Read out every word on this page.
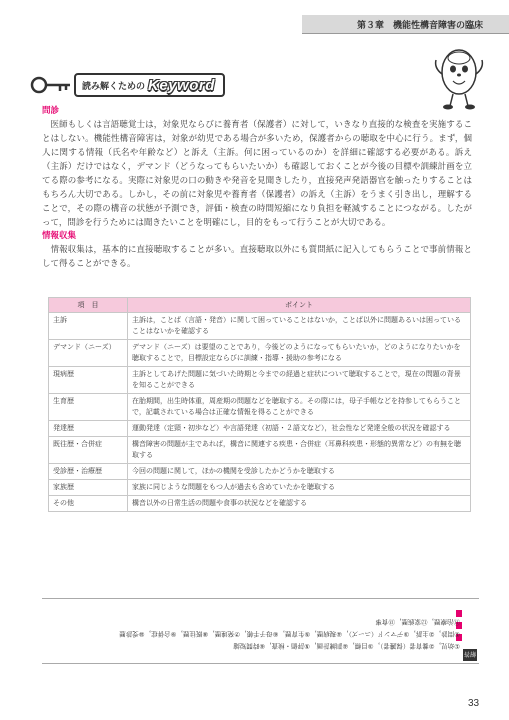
第３章　機能性構音障害の臨床
読み解くための Keyword
問診

医師もしくは言語聴覚士は，対象児ならびに養育者（保護者）に対して，いきなり直接的な検査を実施することはしない。機能性構音障害は，対象が幼児である場合が多いため，保護者からの聴取を中心に行う。まず，個人に関する情報（氏名や年齢など）と訴え（主訴。何に困っているのか）を詳細に確認する必要がある。訴え（主訴）だけではなく，デマンド（どうなってもらいたいか）も確認しておくことが今後の目標や訓練計画を立てる際の参考になる。実際に対象児の口の動きや発音を見聞きしたり，直接発声発語器官を触ったりすることはもちろん大切である。しかし，その前に対象児や養育者（保護者）の訴え（主訴）をうまく引き出し，理解することで，その際の構音の状態が予測でき，評価・検査の時間短縮になり負担を軽減することにつながる。したがって，問診を行うためには聞きたいことを明確にし，目的をもって行うことが大切である。

情報収集

情報収集は，基本的に直接聴取することが多い。直接聴取以外にも質問紙に記入してもらうことで事前情報として得ることができる。

項　目	ポイント
主訴	主訴は，ことば（言語・発音）に関して困っていることはないか，ことば以外に問題あるいは困っていることはないかを確認する
デマンド（ニーズ）	デマンド（ニーズ）は要望のことであり，今後どのようになってもらいたいか，どのようになりたいかを聴取することで，目標設定ならびに訓練・指導・援助の参考になる
現病歴	主訴としてあげた問題に気づいた時期と今までの経過と症状について聴取することで，現在の問題の背景を知ることができる
生育歴	在胎期間，出生時体重，周産期の問題などを聴取する。その際には，母子手帳などを持参してもらうことで，記載されている場合は正確な情報を得ることができる
発達歴	運動発達（定頸・初歩など）や言語発達（初語・２語文など），社会性など発達全般の状況を確認する
既往歴・合併症	構音障害の問題が主であれば，構音に関連する疾患・合併症（耳鼻科疾患・形態的異常など）の有無を聴取する
受診歴・治療歴	今回の問題に関して，ほかの機関を受診したかどうかを聴取する
家族歴	家族に同じような問題をもつ人が過去も含めていたかを聴取する
その他	構音以外の日常生活の問題や食事の状況などを確認する
①幼児，②養育者（保護者），③目標，④訓練計画，⑤評価・検査，⑥時間短縮
①問診，②主訴，③デマンド（ニーズ），④現病歴，⑤生育歴，⑥母子手帳，⑦発達歴，⑧既往歴，⑨合併症，⑩受診歴
⑪治療歴，⑫家族歴，⑬食事
解答
33
